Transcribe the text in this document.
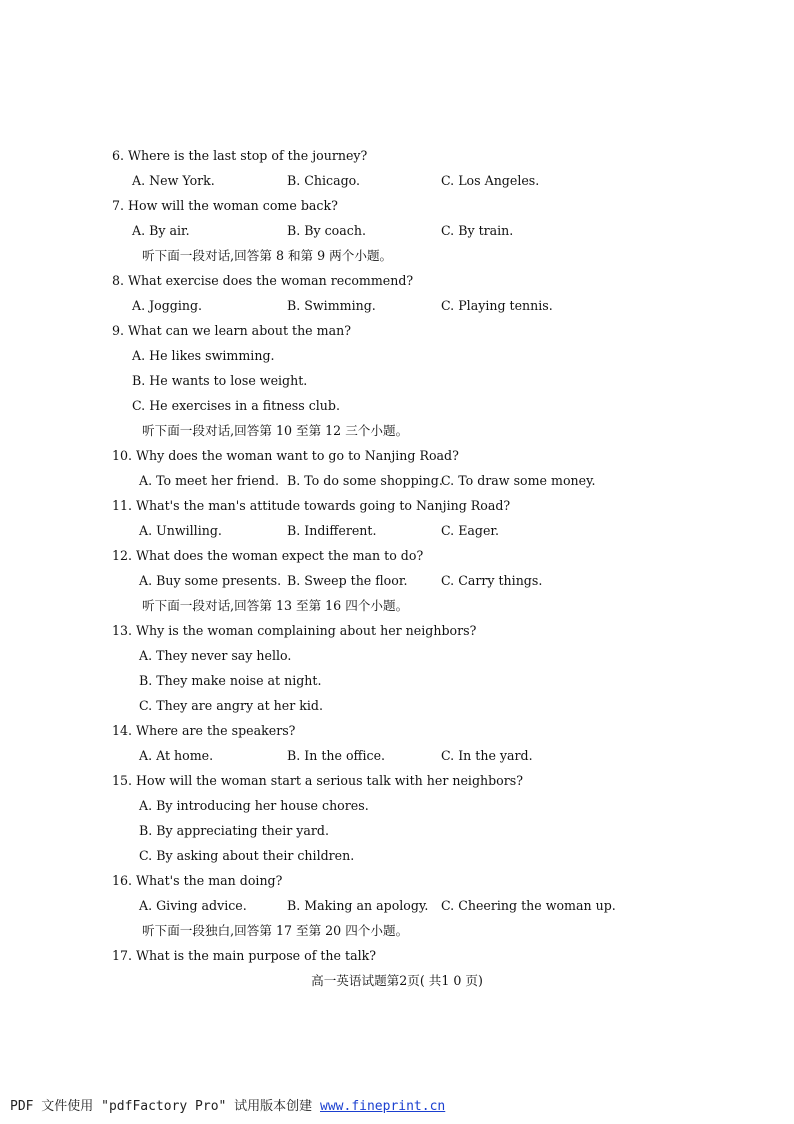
6. Where is the last stop of the journey?
A. New York.	B. Chicago.	C. Los Angeles.
7. How will the woman come back?
A. By air.	B. By coach.	C. By train.
听下面一段对话,回答第 8 和第 9 两个小题。
8. What exercise does the woman recommend?
A. Jogging.	B. Swimming.	C. Playing tennis.
9. What can we learn about the man?
A. He likes swimming.
B. He wants to lose weight.
C. He exercises in a fitness club.
听下面一段对话,回答第 10 至第 12 三个小题。
10. Why does the woman want to go to Nanjing Road?
A. To meet her friend. B. To do some shopping.
C. To draw some money.
11. What's the man's attitude towards going to Nanjing Road?
A. Unwilling.	B. Indifferent.	C. Eager.
12. What does the woman expect the man to do?
A. Buy some presents. B. Sweep the floor.	C. Carry things.
听下面一段对话,回答第 13 至第 16 四个小题。
13. Why is the woman complaining about her neighbors?
A. They never say hello.
B. They make noise at night.
C. They are angry at her kid.
14. Where are the speakers?
A. At home.	B. In the office.	C. In the yard.
15. How will the woman start a serious talk with her neighbors?
A. By introducing her house chores.
B. By appreciating their yard.
C. By asking about their children.
16. What's the man doing?
A. Giving advice.	B. Making an apology. C. Cheering the woman up.
听下面一段独白,回答第 17 至第 20 四个小题。
17. What is the main purpose of the talk?
高一英语试题第2页( 共1 0 页)
PDF 文件使用 "pdfFactory Pro" 试用版本创建 www.fineprint.cn
